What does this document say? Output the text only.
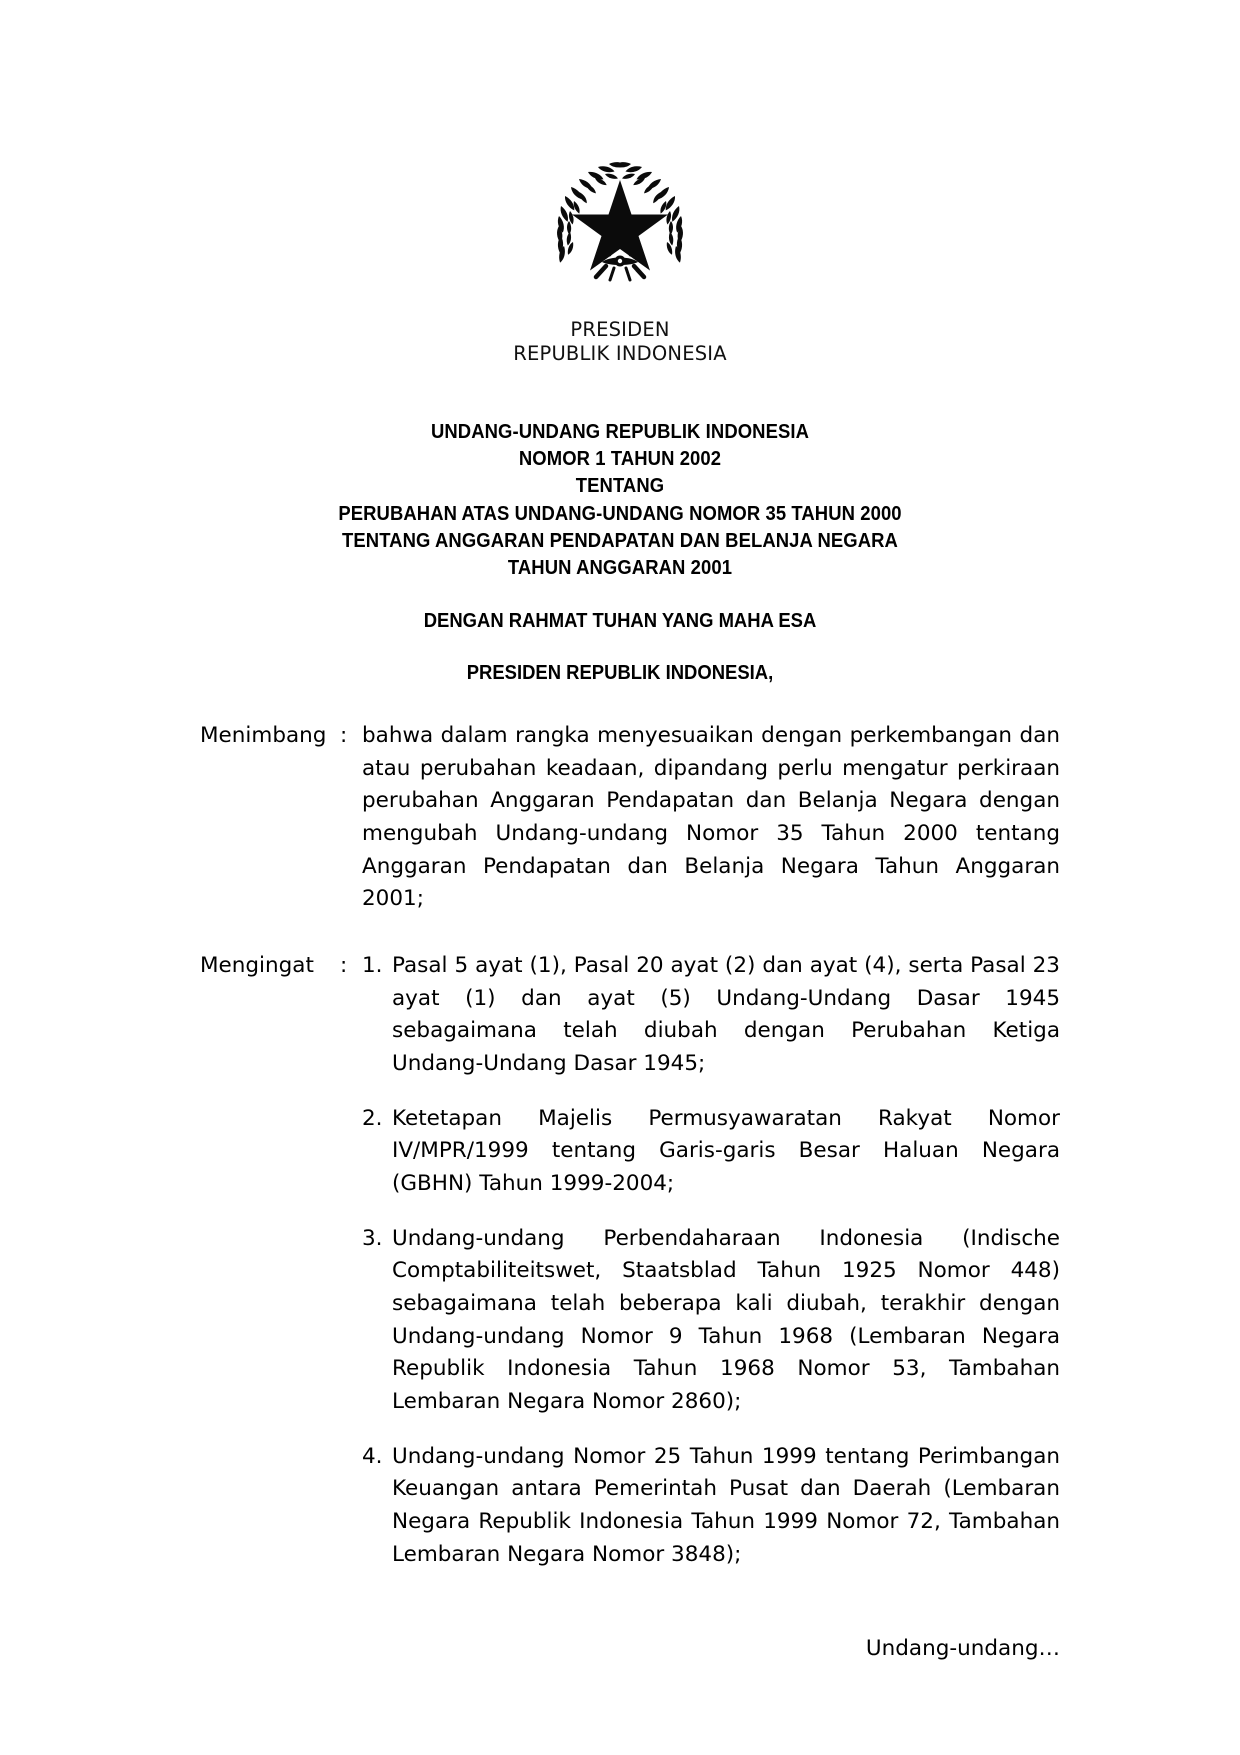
PRESIDEN
REPUBLIK INDONESIA
UNDANG-UNDANG REPUBLIK INDONESIA
NOMOR 1 TAHUN 2002
TENTANG
PERUBAHAN ATAS UNDANG-UNDANG NOMOR 35 TAHUN 2000
TENTANG ANGGARAN PENDAPATAN DAN BELANJA NEGARA
TAHUN ANGGARAN 2001
DENGAN RAHMAT TUHAN YANG MAHA ESA
PRESIDEN REPUBLIK INDONESIA,
Menimbang : bahwa dalam rangka menyesuaikan dengan perkembangan dan atau perubahan keadaan, dipandang perlu mengatur perkiraan perubahan Anggaran Pendapatan dan Belanja Negara dengan mengubah Undang-undang Nomor 35 Tahun 2000 tentang Anggaran Pendapatan dan Belanja Negara Tahun Anggaran 2001;
Mengingat	: 1. Pasal 5 ayat (1), Pasal 20 ayat (2) dan ayat (4), serta Pasal 23 ayat (1) dan ayat (5) Undang-Undang Dasar 1945 sebagaimana telah diubah dengan Perubahan Ketiga Undang-Undang Dasar 1945;
2. Ketetapan Majelis Permusyawaratan Rakyat Nomor IV/MPR/1999 tentang Garis-garis Besar Haluan Negara (GBHN) Tahun 1999-2004;
3. Undang-undang Perbendaharaan Indonesia (Indische Comptabiliteitswet, Staatsblad Tahun 1925 Nomor 448) sebagaimana telah beberapa kali diubah, terakhir dengan Undang-undang Nomor 9 Tahun 1968 (Lembaran Negara Republik Indonesia Tahun 1968 Nomor 53, Tambahan Lembaran Negara Nomor 2860);
4. Undang-undang Nomor 25 Tahun 1999 tentang Perimbangan Keuangan antara Pemerintah Pusat dan Daerah (Lembaran Negara Republik Indonesia Tahun 1999 Nomor 72, Tambahan Lembaran Negara Nomor 3848);
Undang-undang…
